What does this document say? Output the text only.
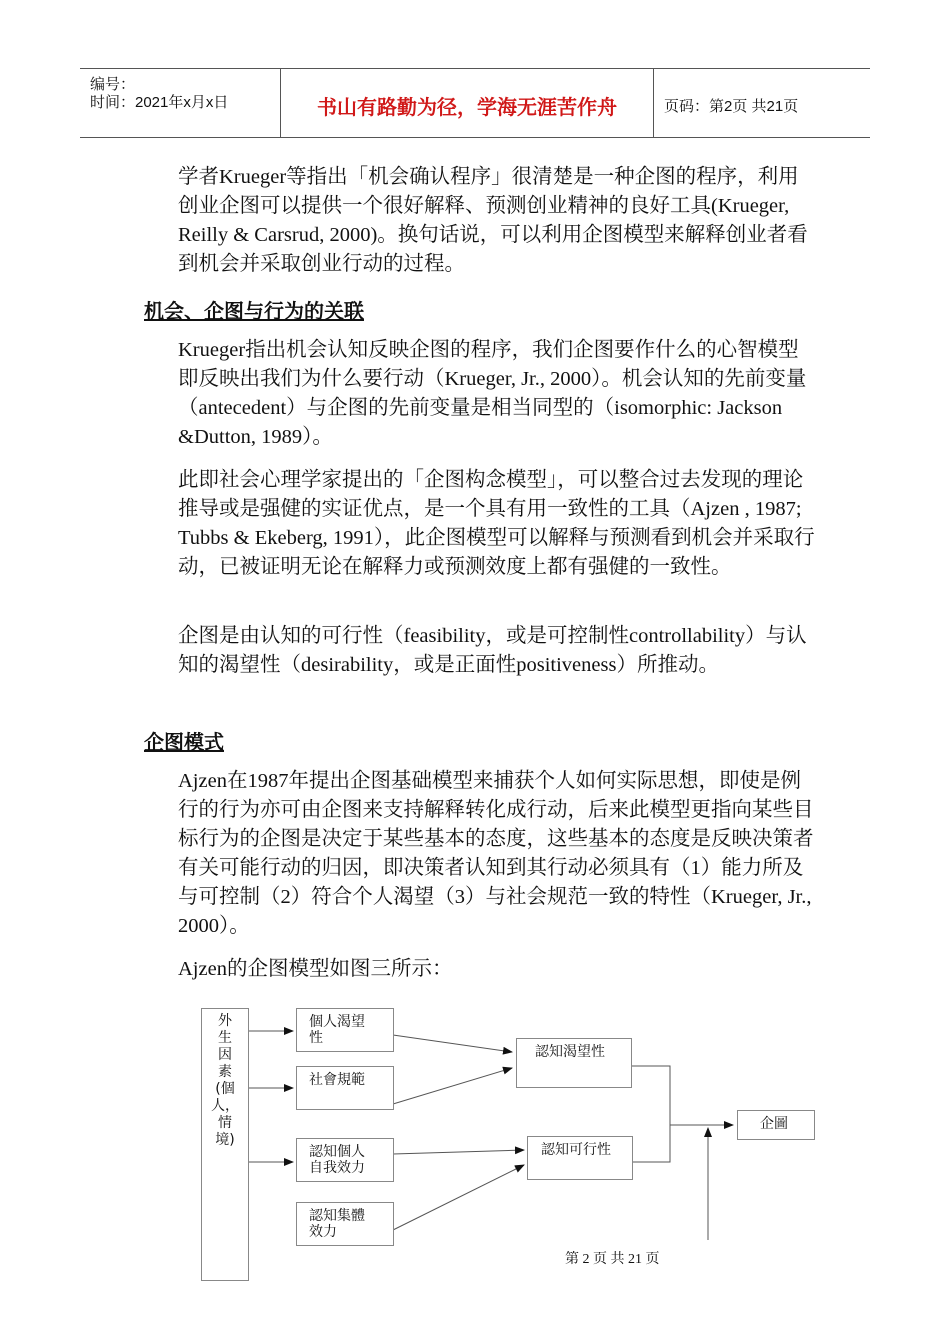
编号：
时间：2021年x月x日	书山有路勤为径，学海无涯苦作舟	页码：第2页 共21页

学者Krueger等指出「机会确认程序」很清楚是一种企图的程序，利用创业企图可以提供一个很好解释、预测创业精神的良好工具(Krueger, Reilly & Carsrud, 2000)。换句话说，可以利用企图模型来解释创业者看到机会并采取创业行动的过程。

机会、企图与行为的关联

Krueger指出机会认知反映企图的程序，我们企图要作什么的心智模型即反映出我们为什么要行动（Krueger, Jr., 2000）。机会认知的先前变量（antecedent）与企图的先前变量是相当同型的（isomorphic: Jackson &Dutton, 1989）。

此即社会心理学家提出的「企图构念模型」，可以整合过去发现的理论推导或是强健的实证优点，是一个具有用一致性的工具（Ajzen , 1987; Tubbs & Ekeberg, 1991），此企图模型可以解释与预测看到机会并采取行动，已被证明无论在解释力或预测效度上都有强健的一致性。

企图是由认知的可行性（feasibility，或是可控制性controllability）与认知的渴望性（desirability，或是正面性positiveness）所推动。

企图模式

Ajzen在1987年提出企图基础模型来捕获个人如何实际思想，即使是例行的行为亦可由企图来支持解释转化成行动，后来此模型更指向某些目标行为的企图是决定于某些基本的态度，这些基本的态度是反映决策者有关可能行动的归因，即决策者认知到其行动必须具有（1）能力所及与可控制（2）符合个人渴望（3）与社会规范一致的特性（Krueger, Jr., 2000）。

Ajzen的企图模型如图三所示：

外
生
因
素
(個
人，
情
境)
個人渴望
性
社會規範
認知個人
自我效力
認知集體
效力
認知渴望性
認知可行性
企圖
第 2 页 共 21 页
